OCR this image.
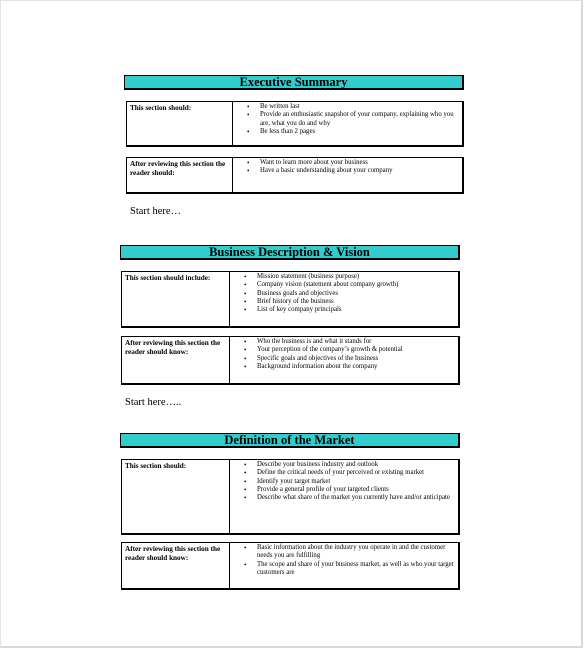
Executive Summary
This section should:	• Be written last
• Provide an enthusiastic snapshot of your company, explaining who you are, what you do and why
• Be less than 2 pages
After reviewing this section the reader should:
• Want to learn more about your business
• Have a basic understanding about your company
Start here…
Business Description & Vision
This section should include:	• Mission statement (business purpose)
• Company vision (statement about company growth)
• Business goals and objectives
• Brief history of the business
• List of key company principals
After reviewing this section the reader should know:
• Who the business is and what it stands for
• Your perception of the company’s growth & potential
• Specific goals and objectives of the business
• Background information about the company
Start here…..
Definition of the Market
This section should:	• Describe your business industry and outlook
• Define the critical needs of your perceived or existing market
• Identify your target market
• Provide a general profile of your targeted clients
• Describe what share of the market you currently have and/or anticipate
After reviewing this section the reader should know:
• Basic information about the industry you operate in and the customer needs you are fulfilling
• The scope and share of your business market, as well as who your target customers are
